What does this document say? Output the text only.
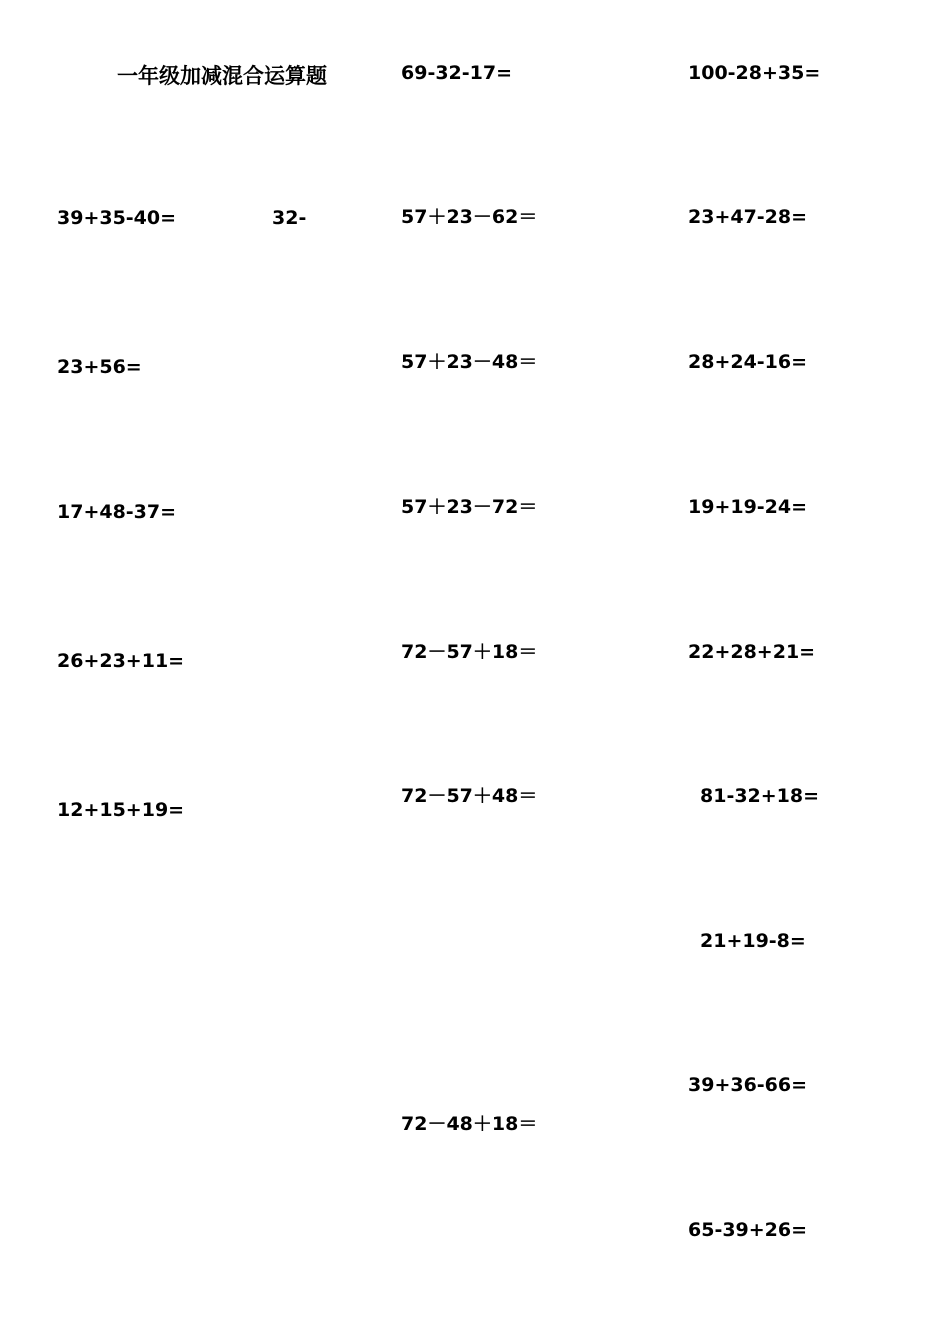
一年级加减混合运算题
39+35-40=	32-
23+56=
17+48-37=
26+23+11=
12+15+19=
69-32-17=
57＋23－62＝
57＋23－48＝
57＋23－72＝
72－57＋18＝
72－57＋48＝
72－48＋18＝
100-28+35=
23+47-28=
28+24-16=
19+19-24=
22+28+21=
81-32+18=
21+19-8=
39+36-66=
65-39+26=
